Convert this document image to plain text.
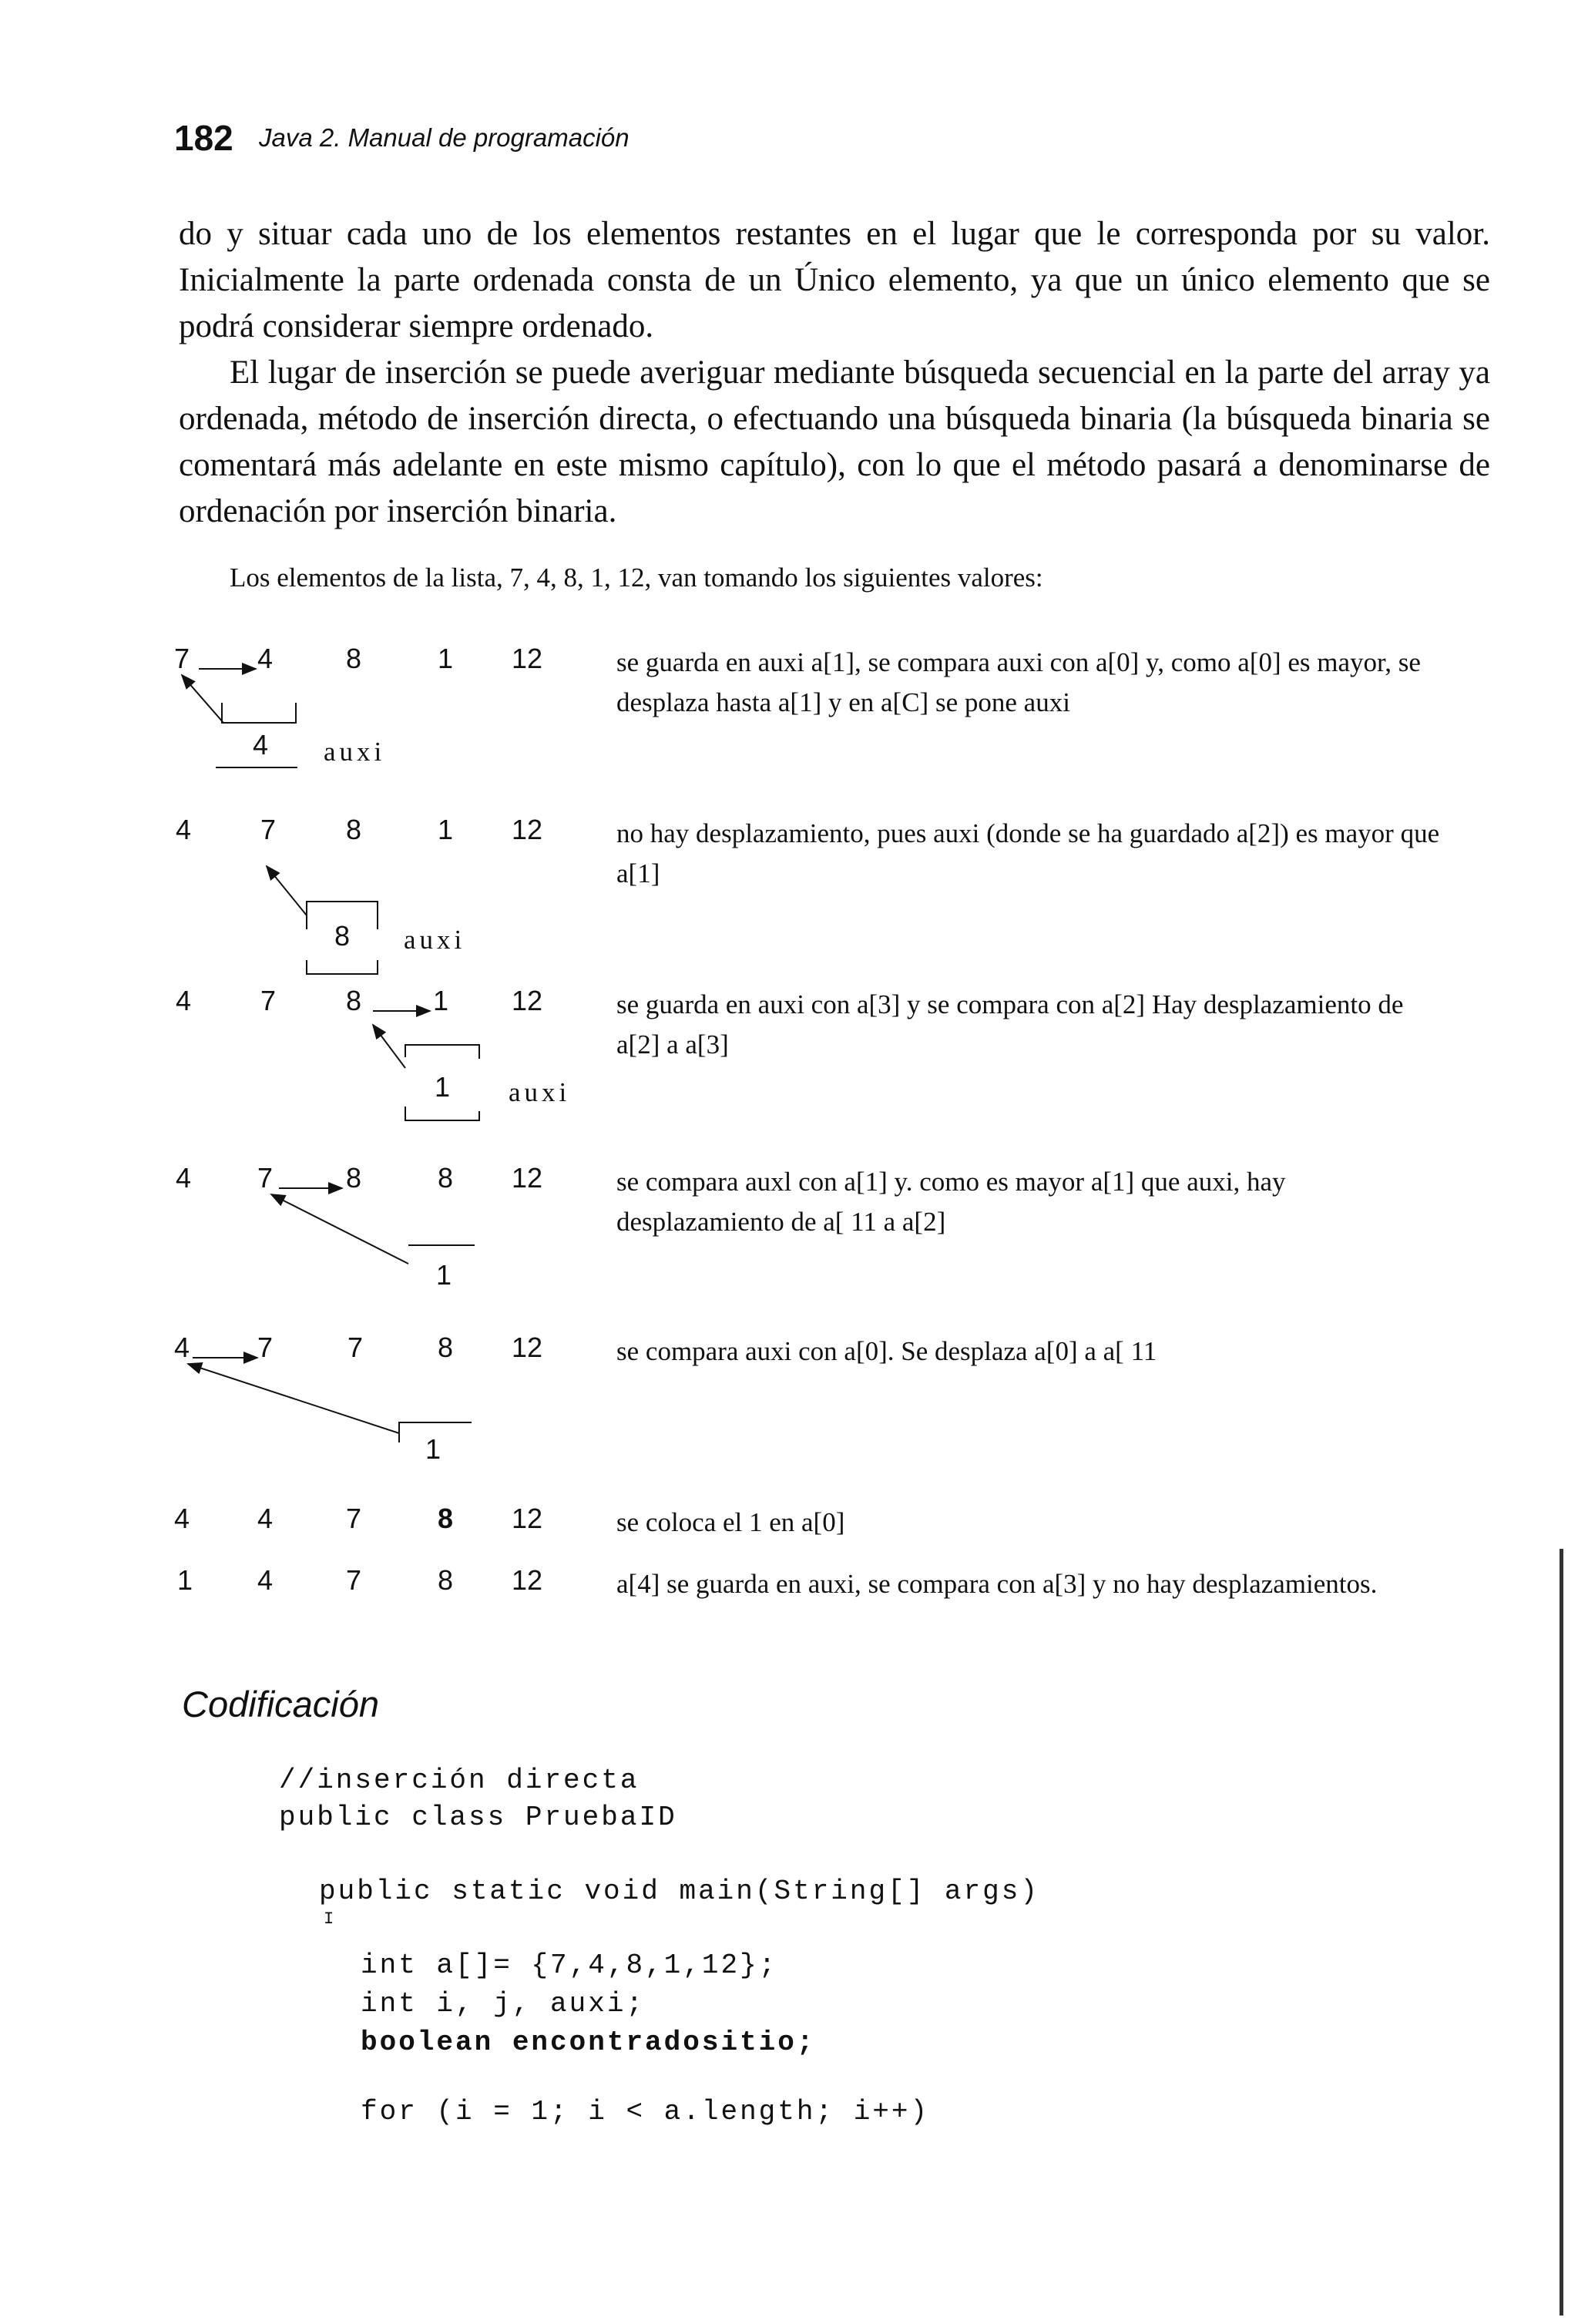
182 Java 2. Manual de programación
do y situar cada uno de los elementos restantes en el lugar que le corresponda por su valor. Inicialmente la parte ordenada consta de un Único elemento, ya que un único elemento que se podrá considerar siempre ordenado.
El lugar de inserción se puede averiguar mediante búsqueda secuencial en la parte del array ya ordenada, método de inserción directa, o efectuando una búsqueda binaria (la búsqueda binaria se comentará más adelante en este mismo capítulo), con lo que el método pasará a denominarse de ordenación por inserción binaria.
Los elementos de la lista, 7, 4, 8, 1, 12, van tomando los siguientes valores:
7 4	8	1 12
4 auxi
se guarda en auxi a[1], se compara auxi con a[0] y, como a[0] es mayor, se desplaza hasta a[1] y en a[C] se pone auxi
4 7	8	1 12
8 auxi
no hay desplazamiento, pues auxi (donde se ha guardado a[2]) es mayor que a[1]
4 7	8	1 12
1 auxi
se guarda en auxi con a[3] y se compara con a[2] Hay desplazamiento de a[2] a a[3]
4 7	8	8 12
1
se compara auxl con a[1] y. como es mayor a[1] que auxi, hay desplazamiento de a[ 11 a a[2]
4 7	7	8 12
1
se compara auxi con a[0]. Se desplaza a[0] a a[ 11
4 4	7	8 12	se coloca el 1 en a[0]
1 4	7	8 12	a[4] se guarda en auxi, se compara con a[3] y no hay desplazamientos.
Codificación
//inserción directa
public class PruebaID
public static void main(String[] args)
I
int a[]= {7,4,8,1,12};
int i, j, auxi;
boolean encontradositio;
for (i = 1; i < a.length; i++)
